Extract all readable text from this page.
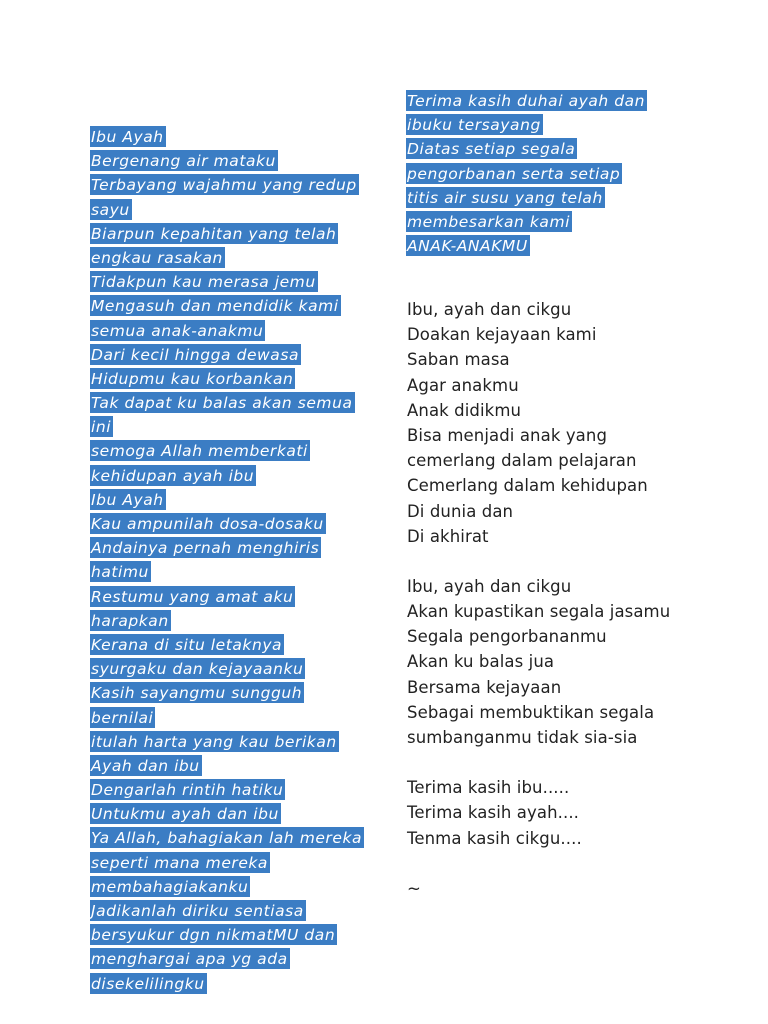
Ibu Ayah
Bergenang air mataku
Terbayang wajahmu yang redup
sayu
Biarpun kepahitan yang telah
engkau rasakan
Tidakpun kau merasa jemu
Mengasuh dan mendidik kami
semua anak-anakmu
Dari kecil hingga dewasa
Hidupmu kau korbankan
Tak dapat ku balas akan semua
ini
semoga Allah memberkati
kehidupan ayah ibu
Ibu Ayah
Kau ampunilah dosa-dosaku
Andainya pernah menghiris
hatimu
Restumu yang amat aku
harapkan
Kerana di situ letaknya
syurgaku dan kejayaanku
Kasih sayangmu sungguh
bernilai
itulah harta yang kau berikan
Ayah dan ibu
Dengarlah rintih hatiku
Untukmu ayah dan ibu
Ya Allah, bahagiakan lah mereka
seperti mana mereka
membahagiakanku
Jadikanlah diriku sentiasa
bersyukur dgn nikmatMU dan
menghargai apa yg ada
disekelilingku
Terima kasih duhai ayah dan
ibuku tersayang
Diatas setiap segala
pengorbanan serta setiap
titis air susu yang telah
membesarkan kami
ANAK-ANAKMU
Ibu, ayah dan cikgu
Doakan kejayaan kami
Saban masa
Agar anakmu
Anak didikmu
Bisa menjadi anak yang
cemerlang dalam pelajaran
Cemerlang dalam kehidupan
Di dunia dan
Di akhirat
Ibu, ayah dan cikgu
Akan kupastikan segala jasamu
Segala pengorbananmu
Akan ku balas jua
Bersama kejayaan
Sebagai membuktikan segala
sumbanganmu tidak sia-sia
Terima kasih ibu.....
Terima kasih ayah....
Tenma kasih cikgu....
~
